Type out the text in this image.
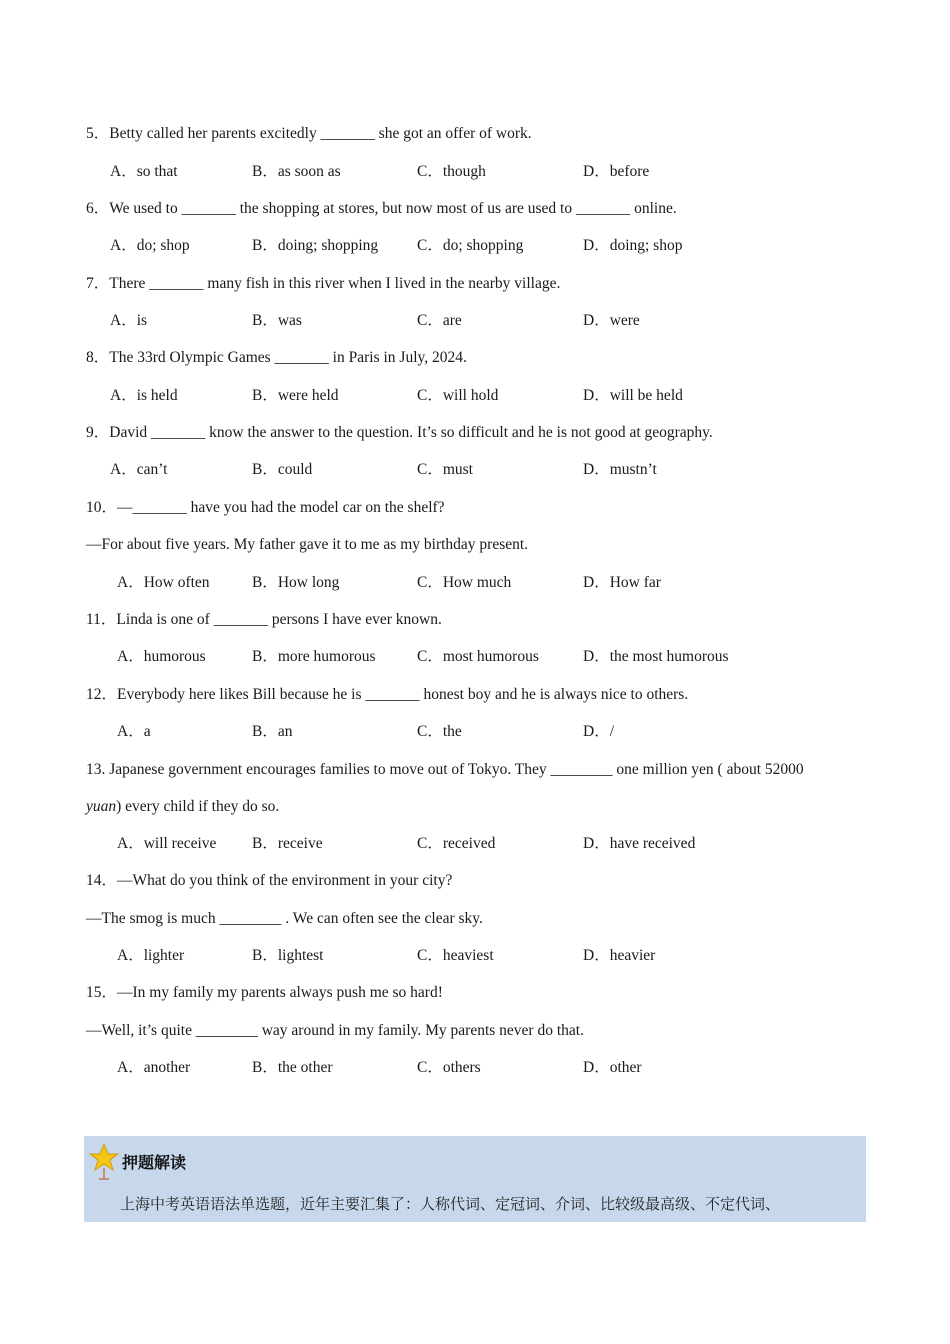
5．Betty called her parents excitedly _______ she got an offer of work.
A．so that	B．as soon as	C．though	D．before
6．We used to _______ the shopping at stores, but now most of us are used to _______ online.
A．do; shop	B．doing; shopping	C．do; shopping	D．doing; shop
7．There _______ many fish in this river when I lived in the nearby village.
A．is	B．was	C．are	D．were
8．The 33rd Olympic Games _______ in Paris in July, 2024.
A．is held	B．were held	C．will hold	D．will be held
9．David _______ know the answer to the question. It’s so difficult and he is not good at geography.
A．can’t	B．could	C．must	D．mustn’t
10．—_______ have you had the model car on the shelf?
—For about five years. My father gave it to me as my birthday present.
A．How often	B．How long	C．How much	D．How far
11．Linda is one of _______ persons I have ever known.
A．humorous	B．more humorous	C．most humorous	D．the most humorous
12．Everybody here likes Bill because he is _______ honest boy and he is always nice to others.
A．a	B．an	C．the	D．/
13. Japanese government encourages families to move out of Tokyo. They ________ one million yen ( about 52000
yuan) every child if they do so.
A．will receive B．receive	C．received	D．have received
14．—What do you think of the environment in your city?
—The smog is much ________ . We can often see the clear sky.
A．lighter	B．lightest	C．heaviest	D．heavier
15．—In my family my parents always push me so hard!
—Well, it’s quite ________ way around in my family. My parents never do that.
A．another	B．the other	C．others	D．other
押题解读
上海中考英语语法单选题，近年主要汇集了：人称代词、定冠词、介词、比较级最高级、不定代词、
